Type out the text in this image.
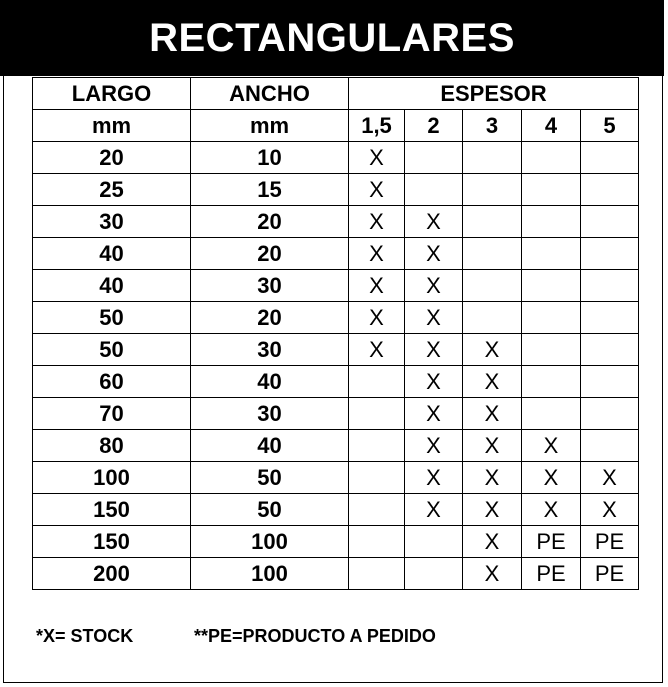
RECTANGULARES
LARGO	ANCHO	ESPESOR				
mm	mm	1,5	2	3	4	5
20	10	X				
25	15	X				
30	20	X	X			
40	20	X	X			
40	30	X	X			
50	20	X	X			
50	30	X	X	X		
60	40		X	X		
70	30		X	X		
80	40		X	X	X	
100	50		X	X	X	X
150	50		X	X	X	X
150	100			X	PE	PE
200	100			X	PE	PE
*X= STOCK	**PE=PRODUCTO A PEDIDO
